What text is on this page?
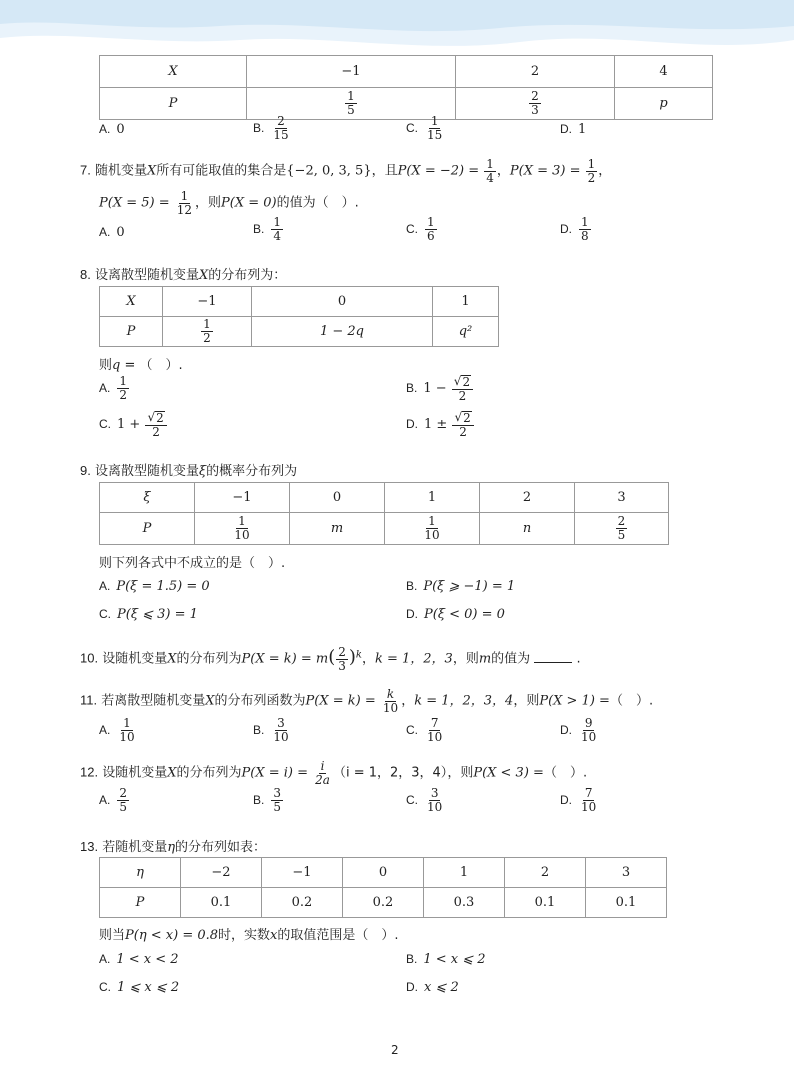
X	−1	2	4
P	$\frac{1}{5}$	$\frac{2}{3}$	p
A. 0	B. $\frac{2}{15}$	C. $\frac{1}{15}$	D. 1
7. 随机变量X所有可能取值的集合是{−2, 0, 3, 5}，且$P(X = -2) = \frac{1}{4}$ ，$P(X = 3) = \frac{1}{2}$ ，
$P(X = 5) = \frac{1}{12}$ ，则P(X = 0)的值为（　）.
A. 0	B. $\frac{1}{4}$	C. $\frac{1}{6}$	D. $\frac{1}{8}$
8. 设离散型随机变量X的分布列为：
X	−1	0	1
P	$\frac{1}{2}$	1 − 2q	q²
则q = （　）.
A. $\frac{1}{2}$	B. $1 - \frac{√ 2}{2}$
C. $1 + \frac{√ 2}{2}$	D. $1 \pm \frac{√ 2}{2}$
9. 设离散型随机变量ξ的概率分布列为
ξ	−1	0	1	2	3
P	$\frac{1}{10}$	m	$\frac{1}{10}$	n	$\frac{2}{5}$
则下列各式中不成立的是（　）.
A. P(ξ = 1.5) = 0	B. P(ξ ⩾ −1) = 1
C. P(ξ ⩽ 3) = 1	D. P(ξ < 0) = 0
10. 设随机变量X的分布列为$P(X = k) = m( \frac{2}{3} )^k$，k = 1，2，3，则m的值为	.
11. 若离散型随机变量X的分布列函数为$P(X = k) = \frac{k}{10}$ ，k = 1，2，3，4，则P(X > 1) =（　）.
A. $\frac{1}{10}$	B. $\frac{3}{10}$	C. $\frac{7}{10}$	D. $\frac{9}{10}$
12. 设随机变量X的分布列为$P(X = i) = \frac{i}{2a} (i = 1$，2，3，4），则P(X < 3) =（　）.
A. $\frac{2}{5}$	B. $\frac{3}{5}$	C. $\frac{3}{10}$	D. $\frac{7}{10}$
13. 若随机变量η的分布列如表：
η	−2	−1	0	1	2	3
P	0.1	0.2	0.2	0.3	0.1	0.1
则当P(η < x) = 0.8时，实数x的取值范围是（　）.
A. 1 < x < 2	B. 1 < x ⩽ 2
C. 1 ⩽ x ⩽ 2	D. x ⩽ 2
2
